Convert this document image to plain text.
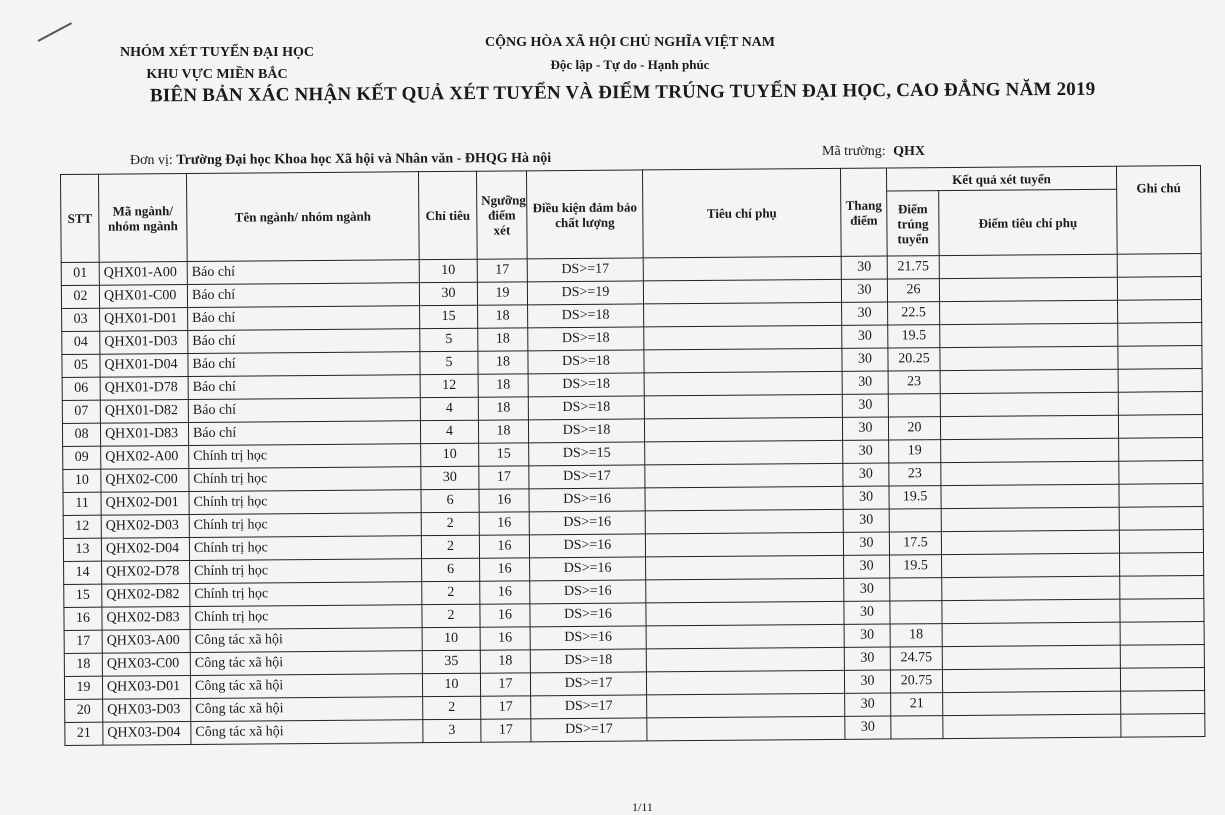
NHÓM XÉT TUYỂN ĐẠI HỌC
KHU VỰC MIỀN BẮC
CỘNG HÒA XÃ HỘI CHỦ NGHĨA VIỆT NAM
Độc lập - Tự do - Hạnh phúc
BIÊN BẢN XÁC NHẬN KẾT QUẢ XÉT TUYỂN VÀ ĐIỂM TRÚNG TUYỂN ĐẠI HỌC, CAO ĐẲNG NĂM 2019
Đơn vị: Trường Đại học Khoa học Xã hội và Nhân văn - ĐHQG Hà nội	Mã trường: QHX
STT	Mã ngành/ nhóm ngành	Tên ngành/ nhóm ngành	Chỉ tiêu	Ngưỡng điểm xét	Điều kiện đảm bảo chất lượng	Tiêu chí phụ	Thang điểm	Kết quả xét tuyển		Ghi chú
								Điểm trúng tuyển	Điểm tiêu chí phụ	
01	QHX01-A00	Báo chí	10	17	DS>=17		30	21.75		
02	QHX01-C00	Báo chí	30	19	DS>=19		30	26		
03	QHX01-D01	Báo chí	15	18	DS>=18		30	22.5		
04	QHX01-D03	Báo chí	5	18	DS>=18		30	19.5		
05	QHX01-D04	Báo chí	5	18	DS>=18		30	20.25		
06	QHX01-D78	Báo chí	12	18	DS>=18		30	23		
07	QHX01-D82	Báo chí	4	18	DS>=18		30			
08	QHX01-D83	Báo chí	4	18	DS>=18		30	20		
09	QHX02-A00	Chính trị học	10	15	DS>=15		30	19		
10	QHX02-C00	Chính trị học	30	17	DS>=17		30	23		
11	QHX02-D01	Chính trị học	6	16	DS>=16		30	19.5		
12	QHX02-D03	Chính trị học	2	16	DS>=16		30			
13	QHX02-D04	Chính trị học	2	16	DS>=16		30	17.5		
14	QHX02-D78	Chính trị học	6	16	DS>=16		30	19.5		
15	QHX02-D82	Chính trị học	2	16	DS>=16		30			
16	QHX02-D83	Chính trị học	2	16	DS>=16		30			
17	QHX03-A00	Công tác xã hội	10	16	DS>=16		30	18		
18	QHX03-C00	Công tác xã hội	35	18	DS>=18		30	24.75		
19	QHX03-D01	Công tác xã hội	10	17	DS>=17		30	20.75		
20	QHX03-D03	Công tác xã hội	2	17	DS>=17		30	21		
21	QHX03-D04	Công tác xã hội	3	17	DS>=17		30			
1/11
